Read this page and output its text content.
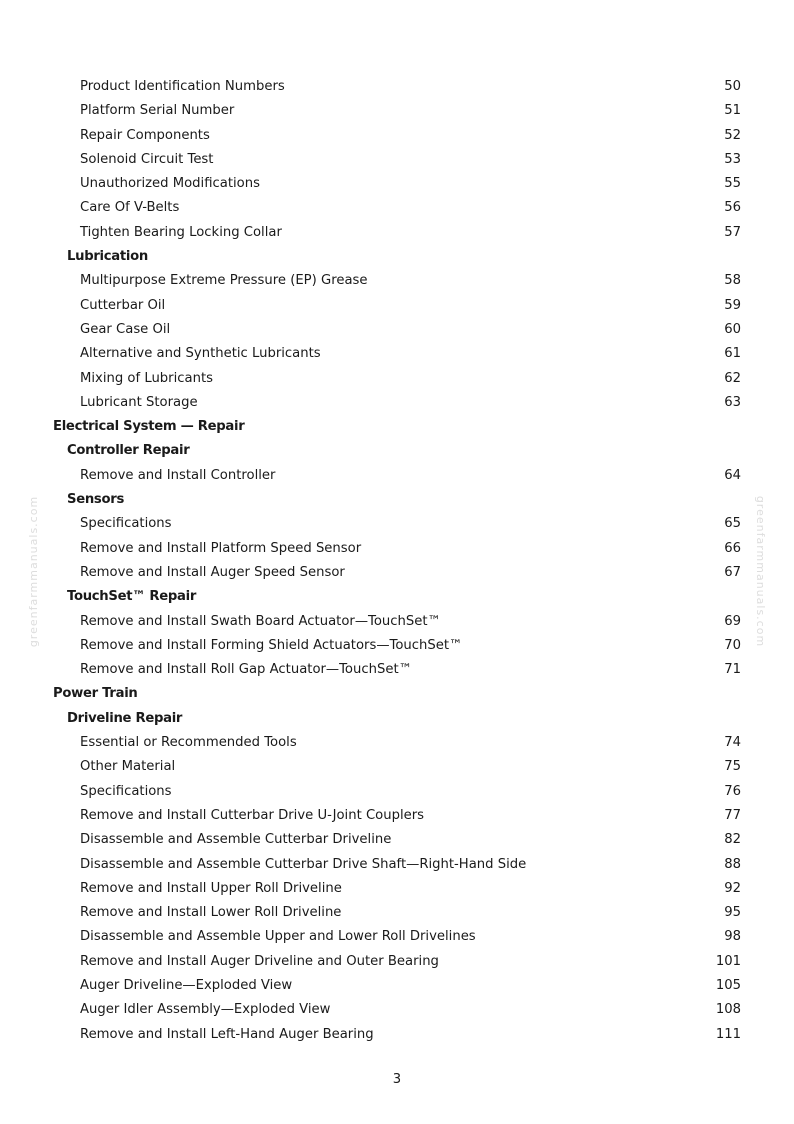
greenfarmmanuals.com	greenfarmmanuals.com
Product Identification Numbers	50
Platform Serial Number	51
Repair Components	52
Solenoid Circuit Test	53
Unauthorized Modifications	55
Care Of V-Belts	56
Tighten Bearing Locking Collar	57
Lubrication
Multipurpose Extreme Pressure (EP) Grease	58
Cutterbar Oil	59
Gear Case Oil	60
Alternative and Synthetic Lubricants	61
Mixing of Lubricants	62
Lubricant Storage	63
Electrical System — Repair
Controller Repair
Remove and Install Controller	64
Sensors
Specifications	65
Remove and Install Platform Speed Sensor	66
Remove and Install Auger Speed Sensor	67
TouchSet™ Repair
Remove and Install Swath Board Actuator—TouchSet™	69
Remove and Install Forming Shield Actuators—TouchSet™	70
Remove and Install Roll Gap Actuator—TouchSet™	71
Power Train
Driveline Repair
Essential or Recommended Tools	74
Other Material	75
Specifications	76
Remove and Install Cutterbar Drive U-Joint Couplers	77
Disassemble and Assemble Cutterbar Driveline	82
Disassemble and Assemble Cutterbar Drive Shaft—Right-Hand Side	88
Remove and Install Upper Roll Driveline	92
Remove and Install Lower Roll Driveline	95
Disassemble and Assemble Upper and Lower Roll Drivelines	98
Remove and Install Auger Driveline and Outer Bearing	101
Auger Driveline—Exploded View	105
Auger Idler Assembly—Exploded View	108
Remove and Install Left-Hand Auger Bearing	111
3
